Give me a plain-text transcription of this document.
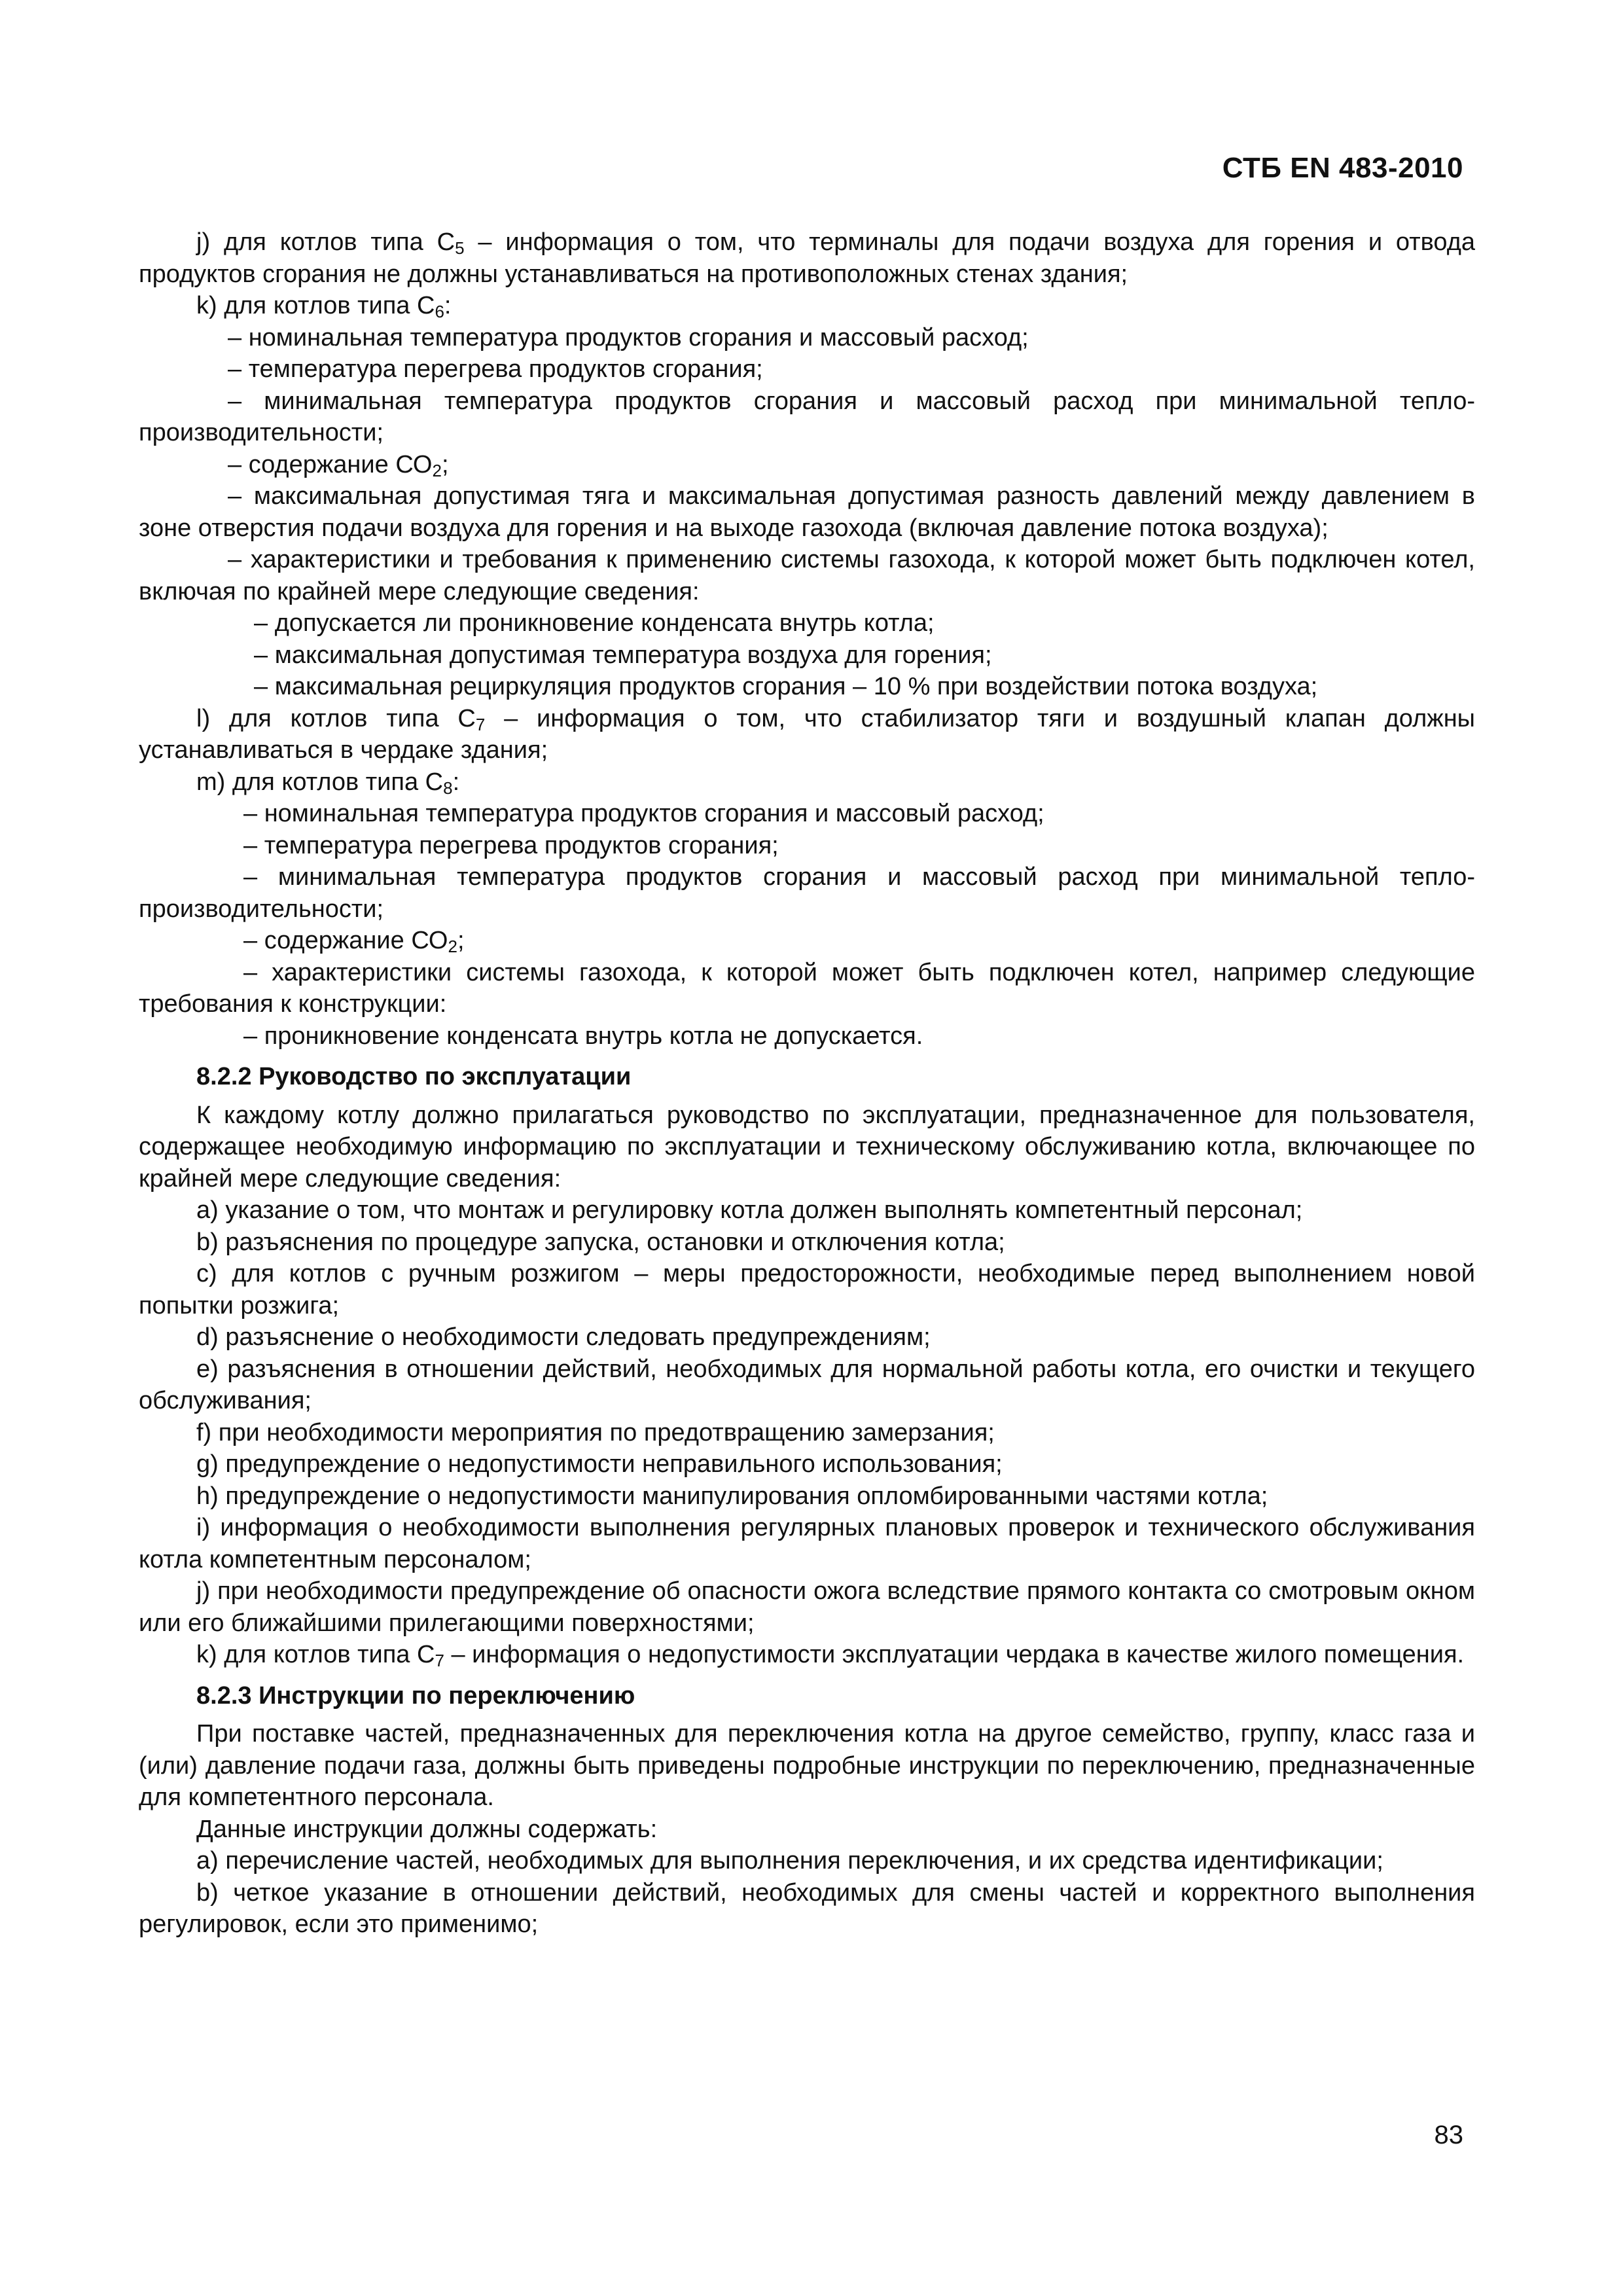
СТБ EN 483-2010

j) для котлов типа $С_5$ – информация о том, что терминалы для подачи воздуха для горения и отвода продуктов сгорания не должны устанавливаться на противоположных стенах здания;

k) для котлов типа $С_6$:

– номинальная температура продуктов сгорания и массовый расход;

– температура перегрева продуктов сгорания;

– минимальная температура продуктов сгорания и массовый расход при минимальной теплопроизводительности;

– содержание $СО_2$;

– максимальная допустимая тяга и максимальная допустимая разность давлений между давлением в зоне отверстия подачи воздуха для горения и на выходе газохода (включая давление потока воздуха);

– характеристики и требования к применению системы газохода, к которой может быть подключен котел, включая по крайней мере следующие сведения:

– допускается ли проникновение конденсата внутрь котла;

– максимальная допустимая температура воздуха для горения;

– максимальная рециркуляция продуктов сгорания – 10 % при воздействии потока воздуха;

l) для котлов типа $С_7$ – информация о том, что стабилизатор тяги и воздушный клапан должны устанавливаться в чердаке здания;

m) для котлов типа $С_8$:

– номинальная температура продуктов сгорания и массовый расход;

– температура перегрева продуктов сгорания;

– минимальная температура продуктов сгорания и массовый расход при минимальной теплопроизводительности;

– содержание $СО_2$;

– характеристики системы газохода, к которой может быть подключен котел, например следующие требования к конструкции:

– проникновение конденсата внутрь котла не допускается.

8.2.2 Руководство по эксплуатации

К каждому котлу должно прилагаться руководство по эксплуатации, предназначенное для пользователя, содержащее необходимую информацию по эксплуатации и техническому обслуживанию котла, включающее по крайней мере следующие сведения:

a) указание о том, что монтаж и регулировку котла должен выполнять компетентный персонал;

b) разъяснения по процедуре запуска, остановки и отключения котла;

c) для котлов с ручным розжигом – меры предосторожности, необходимые перед выполнением новой попытки розжига;

d) разъяснение о необходимости следовать предупреждениям;

e) разъяснения в отношении действий, необходимых для нормальной работы котла, его очистки и текущего обслуживания;

f) при необходимости мероприятия по предотвращению замерзания;

g) предупреждение о недопустимости неправильного использования;

h) предупреждение о недопустимости манипулирования опломбированными частями котла;

i) информация о необходимости выполнения регулярных плановых проверок и технического обслуживания котла компетентным персоналом;

j) при необходимости предупреждение об опасности ожога вследствие прямого контакта со смотровым окном или его ближайшими прилегающими поверхностями;

k) для котлов типа $С_7$ – информация о недопустимости эксплуатации чердака в качестве жилого помещения.

8.2.3 Инструкции по переключению

При поставке частей, предназначенных для переключения котла на другое семейство, группу, класс газа и (или) давление подачи газа, должны быть приведены подробные инструкции по переключению, предназначенные для компетентного персонала.

Данные инструкции должны содержать:

a) перечисление частей, необходимых для выполнения переключения, и их средства идентификации;

b) четкое указание в отношении действий, необходимых для смены частей и корректного выполнения регулировок, если это применимо;

83
